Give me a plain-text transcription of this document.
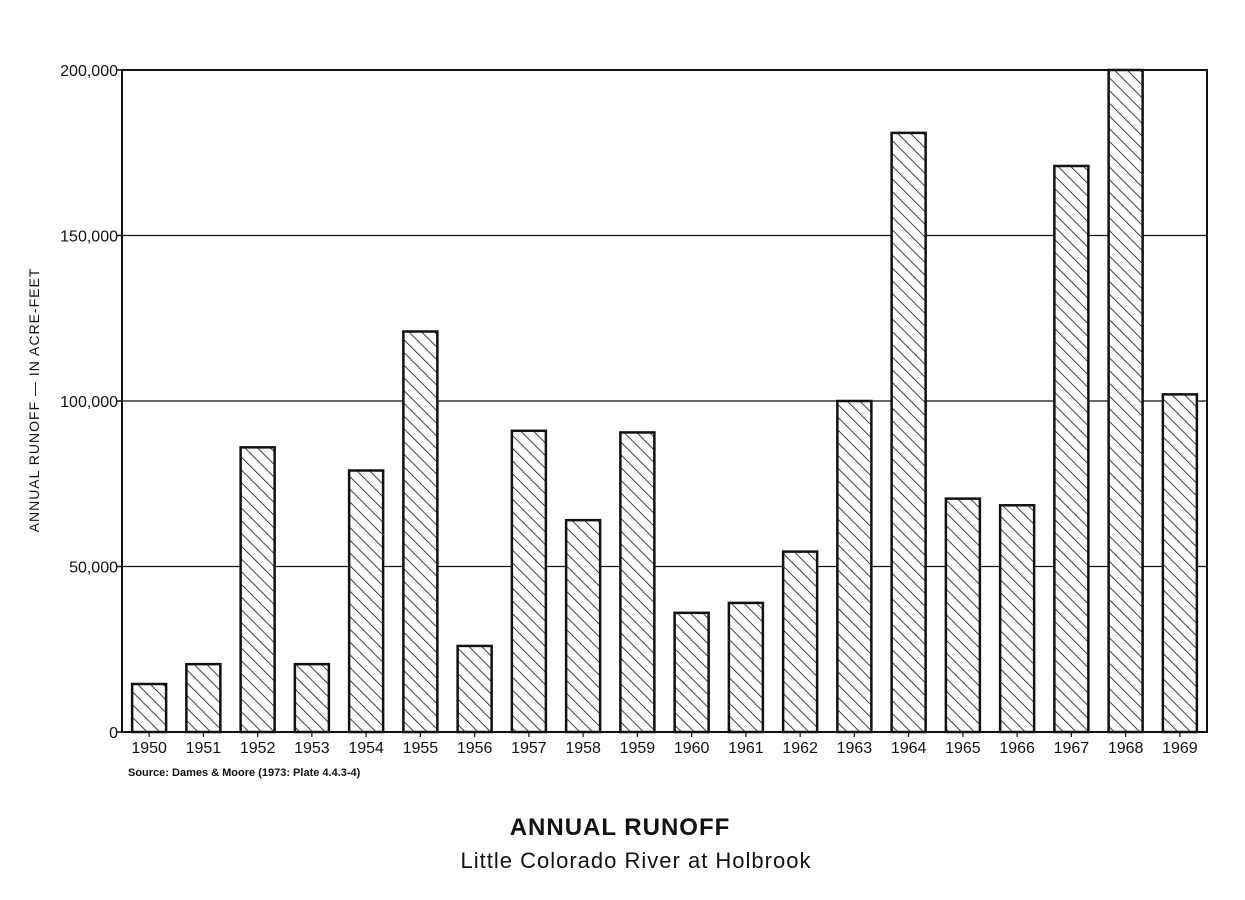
0
50,000
100,000
150,000
200,000
1950 1951 1952 1953 1954 1955 1956 1957 1958 1959 1960 1961 1962 1963 1964 1965 1966 1967 1968 1969
ANNUAL RUNOFF — IN ACRE-FEET
Source: Dames & Moore (1973: Plate 4.4.3-4)
ANNUAL RUNOFF
Little Colorado River at Holbrook
